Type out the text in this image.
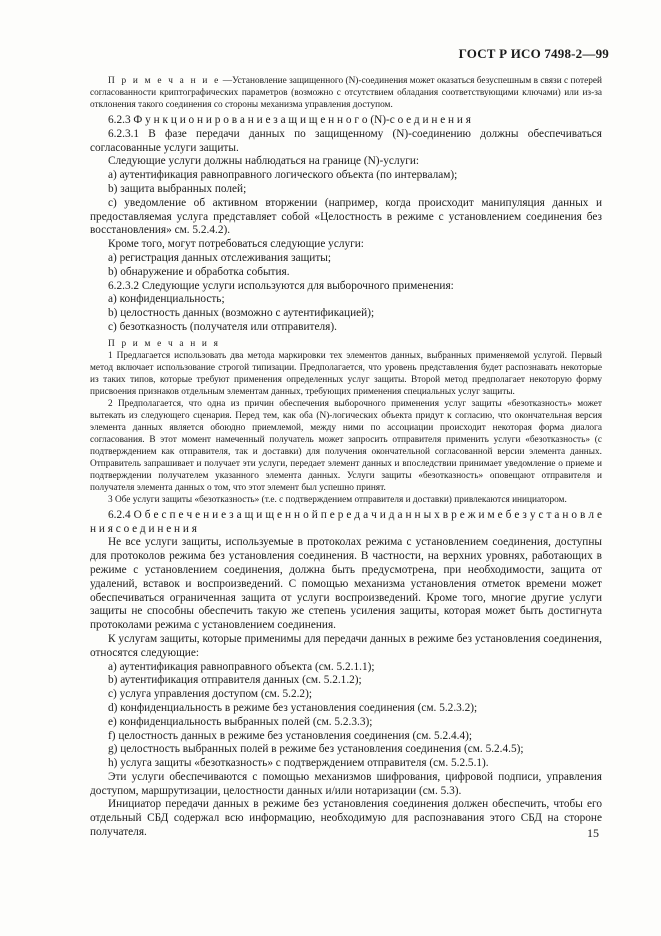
ГОСТ Р ИСО 7498-2—99

П р и м е ч а н и е —Установление защищенного (N)-соединения может оказаться безуспешным в связи с потерей согласованности криптографических параметров (возможно с отсутствием обладания соответствующими ключами) или из-за отклонения такого соединения со стороны механизма управления доступом.

6.2.3 Ф у н к ц и о н и р о в а н и е з а щ и щ е н н о г о (N)-с о е д и н е н и я

6.2.3.1 В фазе передачи данных по защищенному (N)-соединению должны обеспечиваться согласованные услуги защиты.

Следующие услуги должны наблюдаться на границе (N)-услуги:

а) аутентификация равноправного логического объекта (по интервалам);

b) защита выбранных полей;

с) уведомление об активном вторжении (например, когда происходит манипуляция данных и предоставляемая услуга представляет собой «Целостность в режиме с установлением соединения без восстановления» см. 5.2.4.2).

Кроме того, могут потребоваться следующие услуги:

а) регистрация данных отслеживания защиты;

b) обнаружение и обработка события.

6.2.3.2 Следующие услуги используются для выборочного применения:

а) конфиденциальность;

b) целостность данных (возможно с аутентификацией);

с) безотказность (получателя или отправителя).

П р и м е ч а н и я

1 Предлагается использовать два метода маркировки тех элементов данных, выбранных применяемой услугой. Первый метод включает использование строгой типизации. Предполагается, что уровень представления будет распознавать некоторые из таких типов, которые требуют применения определенных услуг защиты. Второй метод предполагает некоторую форму присвоения признаков отдельным элементам данных, требующих применения специальных услуг защиты.

2 Предполагается, что одна из причин обеспечения выборочного применения услуг защиты «безотказность» может вытекать из следующего сценария. Перед тем, как оба (N)-логических объекта придут к согласию, что окончательная версия элемента данных является обоюдно приемлемой, между ними по ассоциации происходит некоторая форма диалога согласования. В этот момент намеченный получатель может запросить отправителя применить услуги «безотказность» (с подтверждением как отправителя, так и доставки) для получения окончательной согласованной версии элемента данных. Отправитель запрашивает и получает эти услуги, передает элемент данных и впоследствии принимает уведомление о приеме и подтверждении получателем указанного элемента данных. Услуги защиты «безотказность» оповещают отправителя и получателя элемента данных о том, что этот элемент был успешно принят.

3 Обе услуги защиты «безотказность» (т.е. с подтверждением отправителя и доставки) привлекаются инициатором.

6.2.4 О б е с п е ч е н и е з а щ и щ е н н о й п е р е д а ч и д а н н ы х в р е ж и м е б е з у с т а н о в л е н и я с о е д и н е н и я

Не все услуги защиты, используемые в протоколах режима с установлением соединения, доступны для протоколов режима без установления соединения. В частности, на верхних уровнях, работающих в режиме с установлением соединения, должна быть предусмотрена, при необходимости, защита от удалений, вставок и воспроизведений. С помощью механизма установления отметок времени может обеспечиваться ограниченная защита от услуги воспроизведений. Кроме того, многие другие услуги защиты не способны обеспечить такую же степень усиления защиты, которая может быть достигнута протоколами режима с установлением соединения.

К услугам защиты, которые применимы для передачи данных в режиме без установления соединения, относятся следующие:

а) аутентификация равноправного объекта (см. 5.2.1.1);

b) аутентификация отправителя данных (см. 5.2.1.2);

с) услуга управления доступом (см. 5.2.2);

d) конфиденциальность в режиме без установления соединения (см. 5.2.3.2);

е) конфиденциальность выбранных полей (см. 5.2.3.3);

f) целостность данных в режиме без установления соединения (см. 5.2.4.4);

g) целостность выбранных полей в режиме без установления соединения (см. 5.2.4.5);

h) услуга защиты «безотказность» с подтверждением отправителя (см. 5.2.5.1).

Эти услуги обеспечиваются с помощью механизмов шифрования, цифровой подписи, управления доступом, маршрутизации, целостности данных и/или нотаризации (см. 5.3).

Инициатор передачи данных в режиме без установления соединения должен обеспечить, чтобы его отдельный СБД содержал всю информацию, необходимую для распознавания этого СБД на стороне получателя.	15
